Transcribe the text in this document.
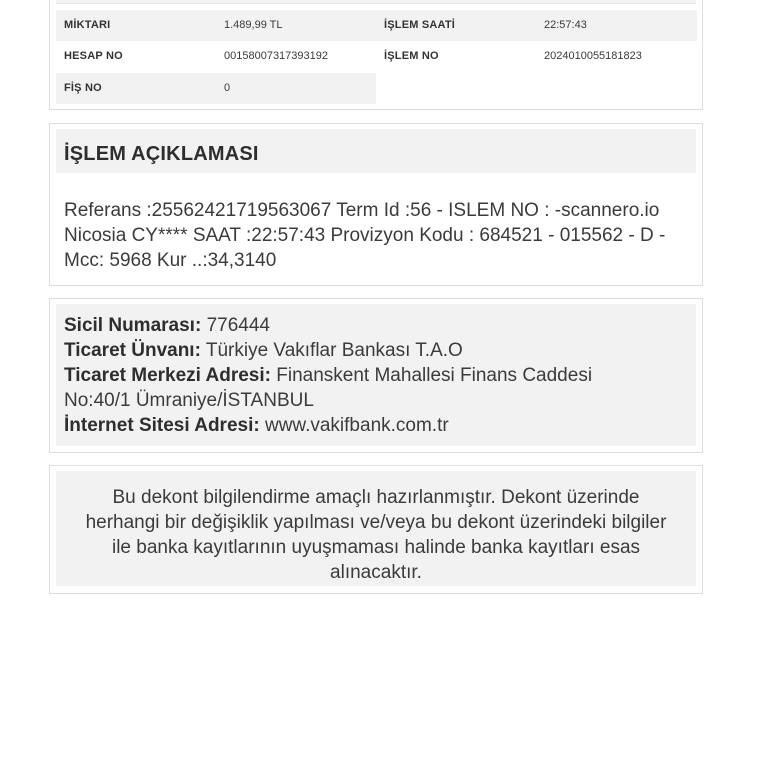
MİKTARI	1.489,99 TL	İŞLEM SAATİ	22:57:43
HESAP NO	00158007317393192	İŞLEM NO	2024010055181823
FİŞ NO	0
İŞLEM AÇIKLAMASI
Referans :25562421719563067 Term Id :56 - ISLEM NO : -scannero.io Nicosia CY**** SAAT :22:57:43 Provizyon Kodu : 684521 - 015562 - D - Mcc: 5968 Kur ..:34,3140
Sicil Numarası: 776444
Ticaret Ünvanı: Türkiye Vakıflar Bankası T.A.O
Ticaret Merkezi Adresi: Finanskent Mahallesi Finans Caddesi
No:40/1 Ümraniye/İSTANBUL
İnternet Sitesi Adresi: www.vakifbank.com.tr
Bu dekont bilgilendirme amaçlı hazırlanmıştır. Dekont üzerinde
herhangi bir değişiklik yapılması ve/veya bu dekont üzerindeki bilgiler
ile banka kayıtlarının uyuşmaması halinde banka kayıtları esas
alınacaktır.
